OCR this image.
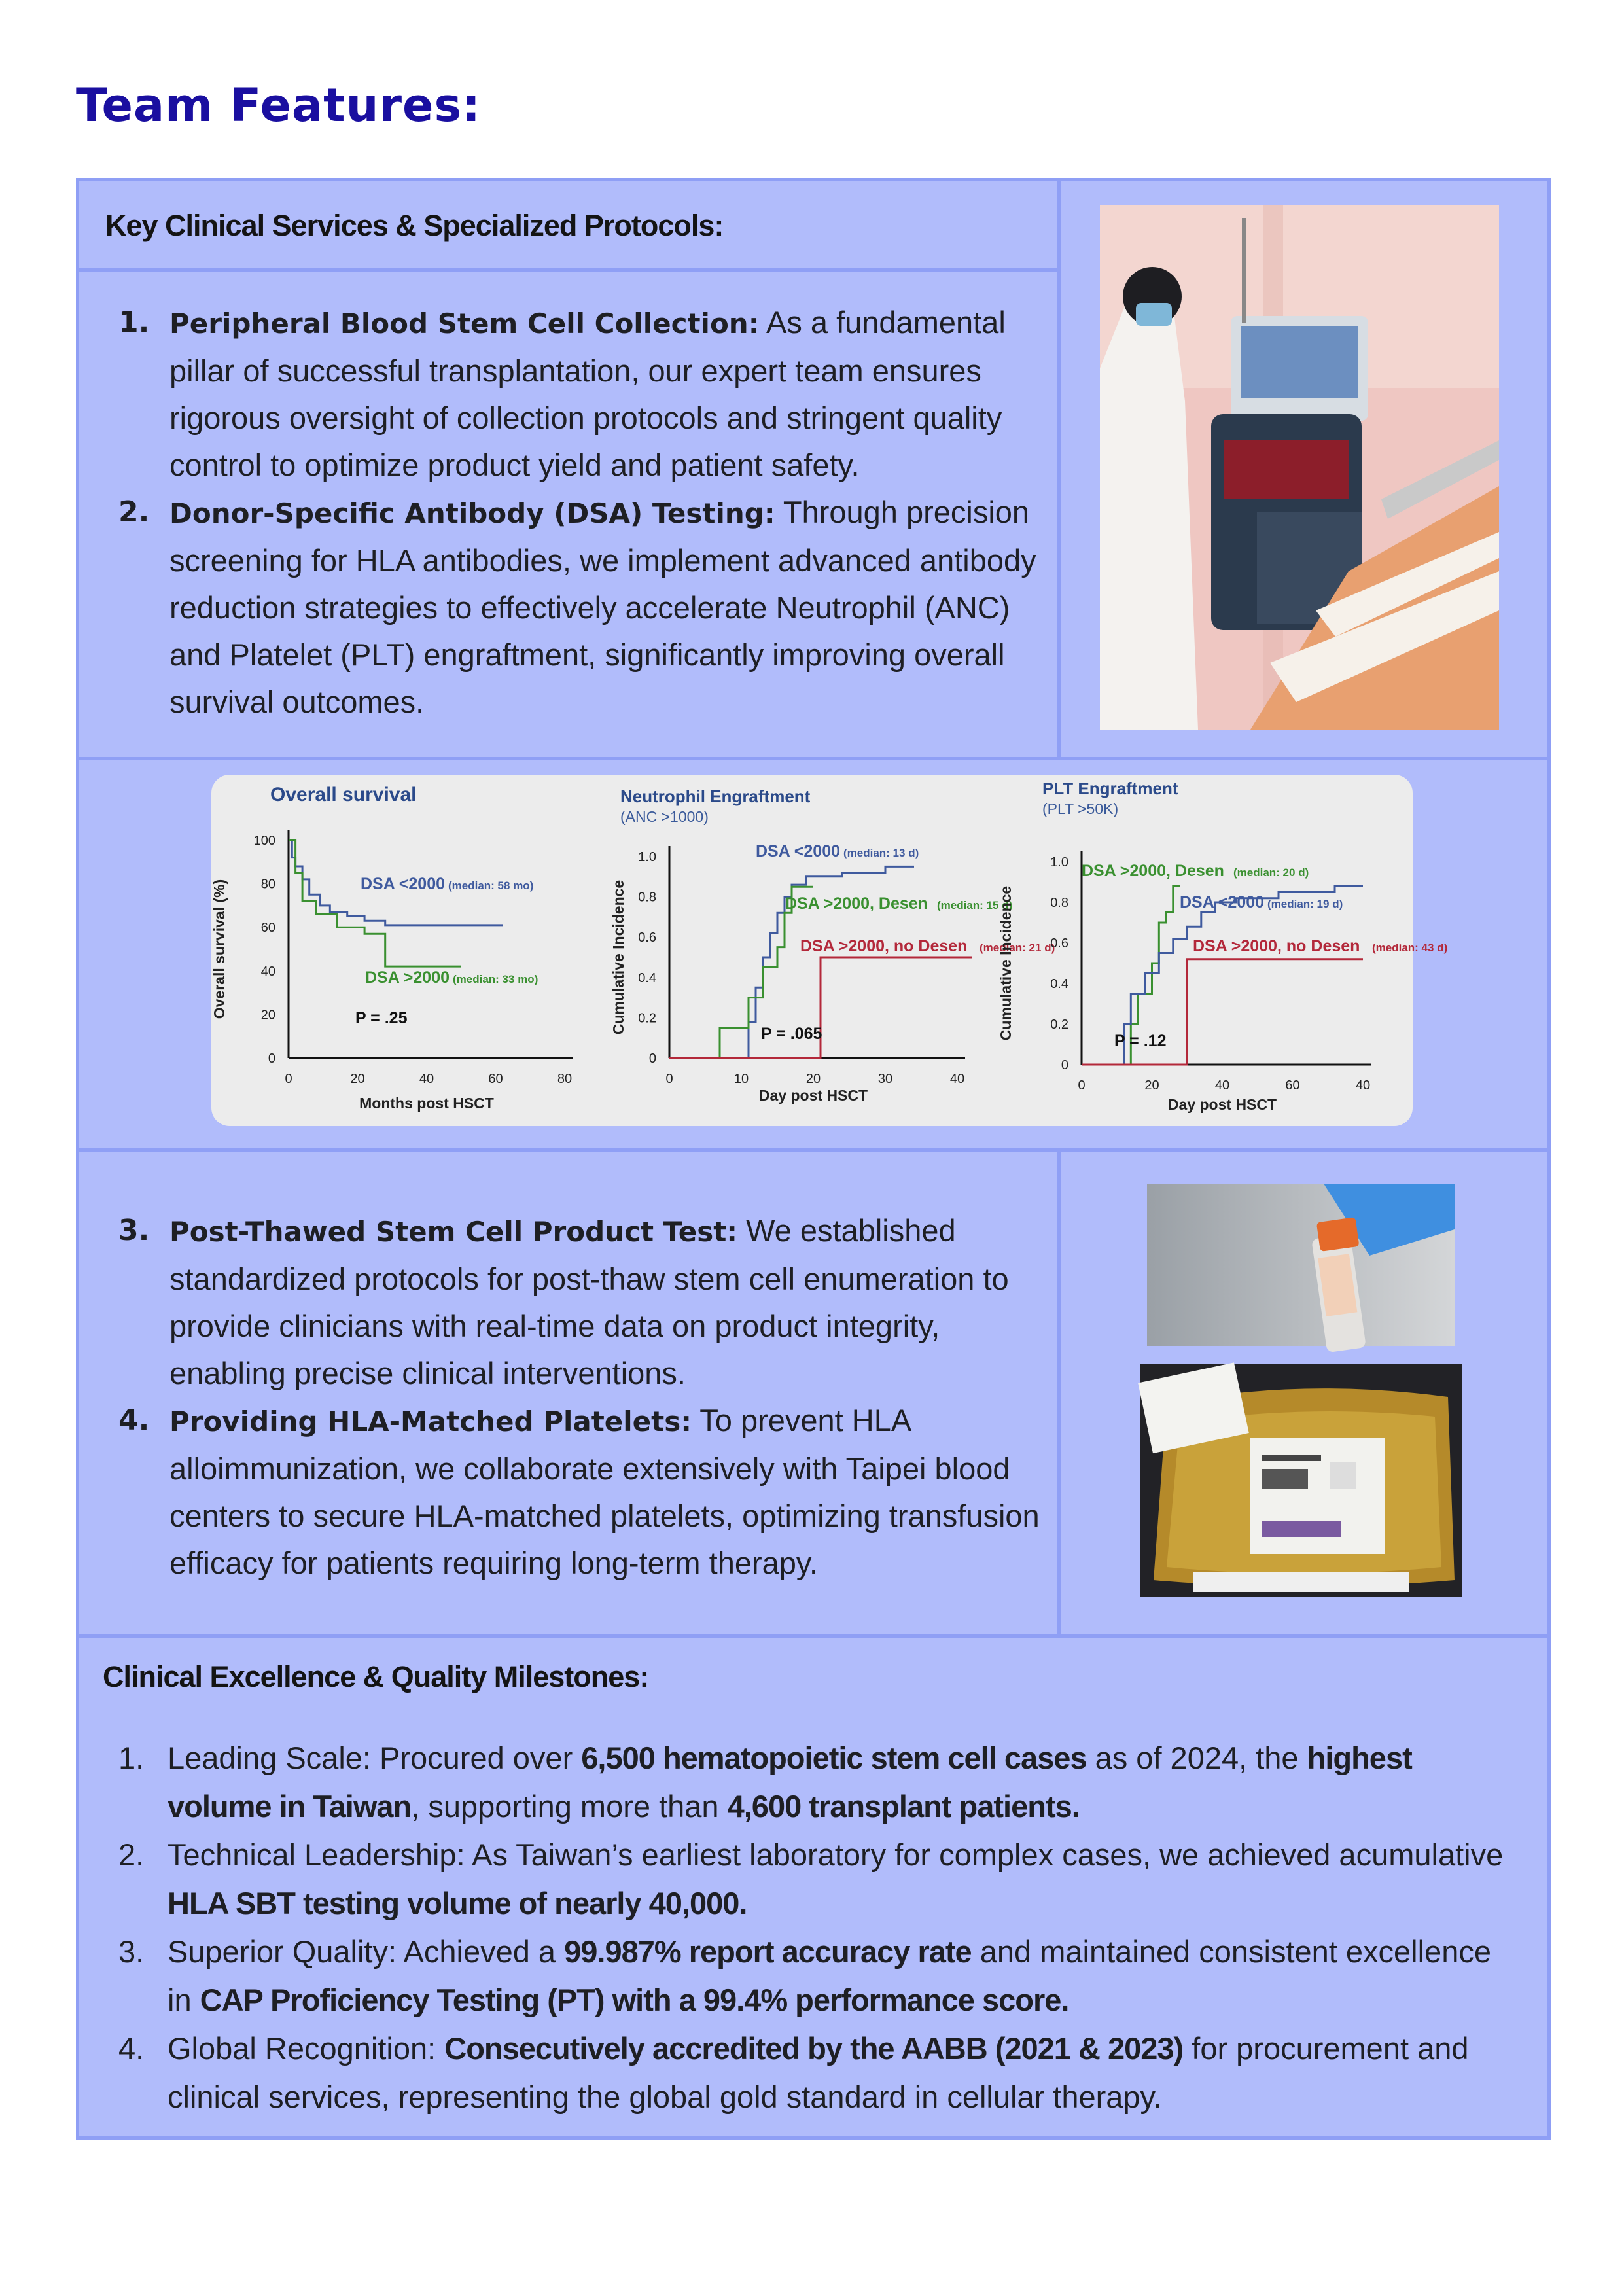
Team Features:

Key Clinical Services & Specialized Protocols:

1. Peripheral Blood Stem Cell Collection: As a fundamental pillar of successful transplantation, our expert team ensures rigorous oversight of collection protocols and stringent quality control to optimize product yield and patient safety.
2. Donor-Specific Antibody (DSA) Testing: Through precision screening for HLA antibodies, we implement advanced antibody reduction strategies to effectively accelerate Neutrophil (ANC) and Platelet (PLT) engraftment, significantly improving overall survival outcomes.
3. Post-Thawed Stem Cell Product Test: We established standardized protocols for post-thaw stem cell enumeration to provide clinicians with real-time data on product integrity, enabling precise clinical interventions.
4. Providing HLA-Matched Platelets: To prevent HLA alloimmunization, we collaborate extensively with Taipei blood centers to secure HLA-matched platelets, optimizing transfusion efficacy for patients requiring long-term therapy.

Clinical Excellence & Quality Milestones:

1. Leading Scale: Procured over 6,500 hematopoietic stem cell cases as of 2024, the highest volume in Taiwan, supporting more than 4,600 transplant patients.
2. Technical Leadership: As Taiwan’s earliest laboratory for complex cases, we achieved acumulative HLA SBT testing volume of nearly 40,000.
3. Superior Quality: Achieved a 99.987% report accuracy rate and maintained consistent excellence in CAP Proficiency Testing (PT) with a 99.4% performance score.
4. Global Recognition: Consecutively accredited by the AABB (2021 & 2023) for procurement and clinical services, representing the global gold standard in cellular therapy.
Overall survival
0	20	40	60	80
0
20
40
60
80
100
Months post HSCT
Overall survival (%)	DSA <2000 (median: 58 mo)
DSA >2000 (median: 33 mo)
P = .25
Neutrophil Engraftment
(ANC >1000)
0	10	20	30	40
0
0.2
0.4
0.6
0.8
1.0
Day post HSCT
Cumulative Incidence
DSA <2000 (median: 13 d)
DSA >2000, Desen (median: 15 d)
DSA >2000, no Desen (median: 21 d)
P = .065
PLT Engraftment
(PLT >50K)
0	20	40	60	40
0
0.2
0.4
0.6
0.8
1.0
Day post HSCT
Cumulative Incidence
DSA >2000, Desen (median: 20 d)
DSA <2000 (median: 19 d)
DSA >2000, no Desen (median: 43 d)
P = .12
